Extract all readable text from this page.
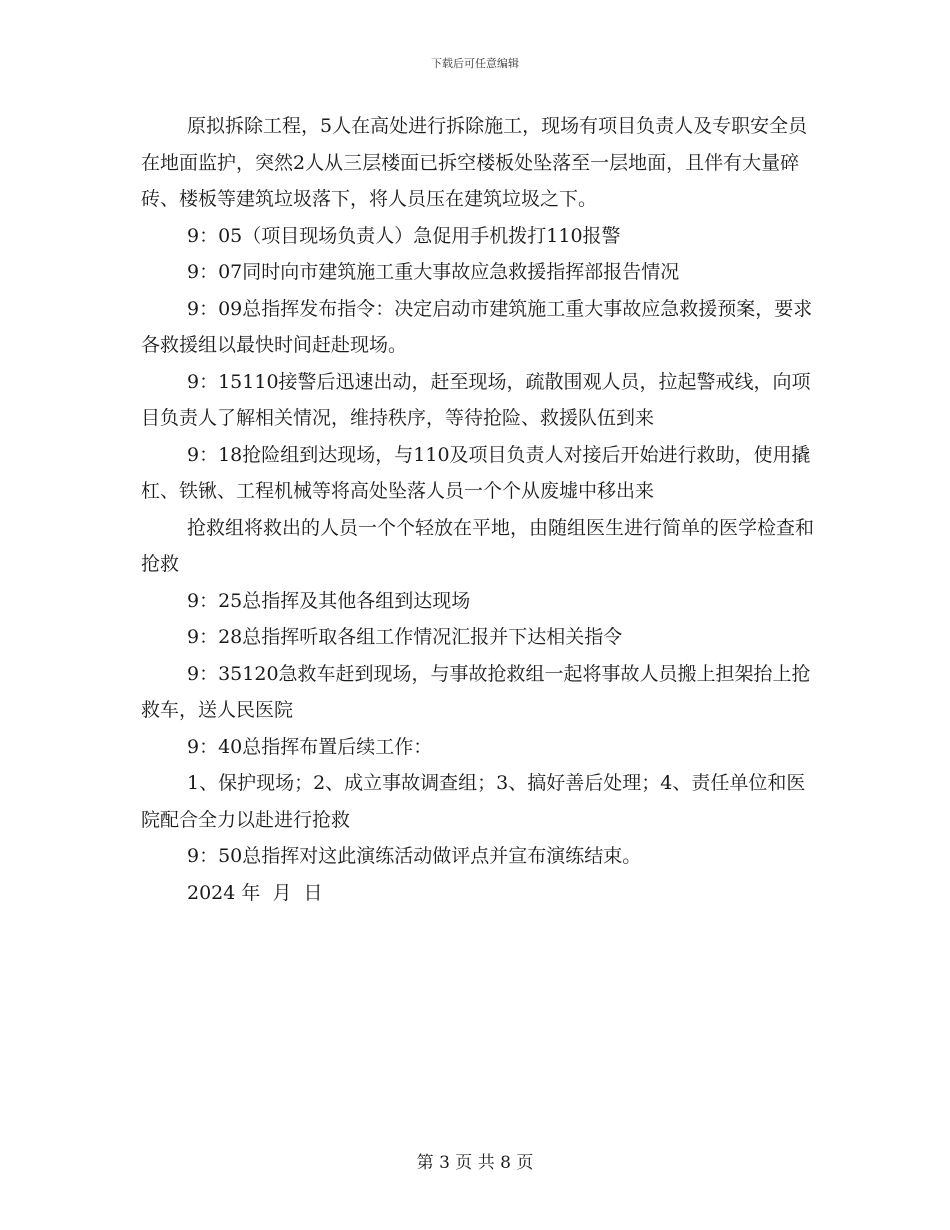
下载后可任意编辑

原拟拆除工程，5人在高处进行拆除施工，现场有项目负责人及专职安全员在地面监护，突然2人从三层楼面已拆空楼板处坠落至一层地面，且伴有大量碎砖、楼板等建筑垃圾落下，将人员压在建筑垃圾之下。

9：05（项目现场负责人）急促用手机拨打110报警

9：07同时向市建筑施工重大事故应急救援指挥部报告情况

9：09总指挥发布指令：决定启动市建筑施工重大事故应急救援预案，要求各救援组以最快时间赶赴现场。

9：15110接警后迅速出动，赶至现场，疏散围观人员，拉起警戒线，向项目负责人了解相关情况，维持秩序，等待抢险、救援队伍到来

9：18抢险组到达现场，与110及项目负责人对接后开始进行救助，使用撬杠、铁锹、工程机械等将高处坠落人员一个个从废墟中移出来

抢救组将救出的人员一个个轻放在平地，由随组医生进行简单的医学检查和抢救

9：25总指挥及其他各组到达现场

9：28总指挥听取各组工作情况汇报并下达相关指令

9：35120急救车赶到现场，与事故抢救组一起将事故人员搬上担架抬上抢救车，送人民医院

9：40总指挥布置后续工作：

1、保护现场；2、成立事故调查组；3、搞好善后处理；4、责任单位和医院配合全力以赴进行抢救

9：50总指挥对这此演练活动做评点并宣布演练结束。

2024 年  月  日

第 3 页 共 8 页
